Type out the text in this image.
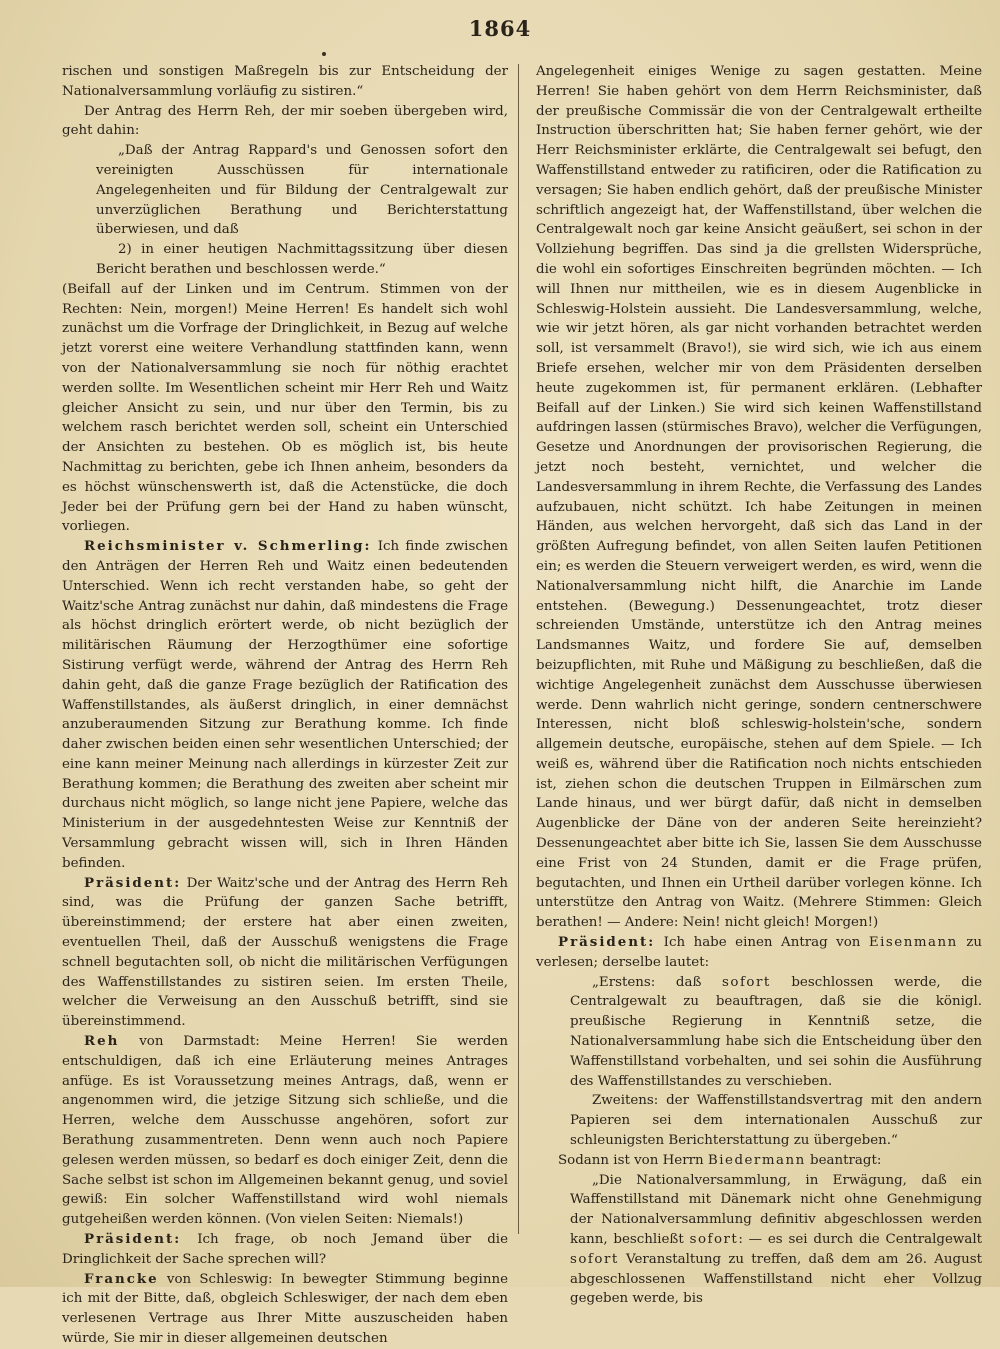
1864

rischen und sonstigen Maßregeln bis zur Entscheidung der Nationalversammlung vorläufig zu sistiren.“

Der Antrag des Herrn Reh, der mir soeben übergeben wird, geht dahin:

„Daß der Antrag Rappard's und Genossen sofort den vereinigten Ausschüssen für internationale Angelegenheiten und für Bildung der Centralgewalt zur unverzüglichen Berathung und Berichterstattung überwiesen, und daß

2) in einer heutigen Nachmittagssitzung über diesen Bericht berathen und beschlossen werde.“

(Beifall auf der Linken und im Centrum. Stimmen von der Rechten: Nein, morgen!) Meine Herren! Es handelt sich wohl zunächst um die Vorfrage der Dringlichkeit, in Bezug auf welche jetzt vorerst eine weitere Verhandlung stattfinden kann, wenn von der Nationalversammlung sie noch für nöthig erachtet werden sollte. Im Wesentlichen scheint mir Herr Reh und Waitz gleicher Ansicht zu sein, und nur über den Termin, bis zu welchem rasch berichtet werden soll, scheint ein Unterschied der Ansichten zu bestehen. Ob es möglich ist, bis heute Nachmittag zu berichten, gebe ich Ihnen anheim, besonders da es höchst wünschenswerth ist, daß die Actenstücke, die doch Jeder bei der Prüfung gern bei der Hand zu haben wünscht, vorliegen.

Reichsminister v. Schmerling: Ich finde zwischen den Anträgen der Herren Reh und Waitz einen bedeutenden Unterschied. Wenn ich recht verstanden habe, so geht der Waitz'sche Antrag zunächst nur dahin, daß mindestens die Frage als höchst dringlich erörtert werde, ob nicht bezüglich der militärischen Räumung der Herzogthümer eine sofortige Sistirung verfügt werde, während der Antrag des Herrn Reh dahin geht, daß die ganze Frage bezüglich der Ratification des Waffenstillstandes, als äußerst dringlich, in einer demnächst anzuberaumenden Sitzung zur Berathung komme. Ich finde daher zwischen beiden einen sehr wesentlichen Unterschied; der eine kann meiner Meinung nach allerdings in kürzester Zeit zur Berathung kommen; die Berathung des zweiten aber scheint mir durchaus nicht möglich, so lange nicht jene Papiere, welche das Ministerium in der ausgedehntesten Weise zur Kenntniß der Versammlung gebracht wissen will, sich in Ihren Händen befinden.

Präsident: Der Waitz'sche und der Antrag des Herrn Reh sind, was die Prüfung der ganzen Sache betrifft, übereinstimmend; der erstere hat aber einen zweiten, eventuellen Theil, daß der Ausschuß wenigstens die Frage schnell begutachten soll, ob nicht die militärischen Verfügungen des Waffenstillstandes zu sistiren seien. Im ersten Theile, welcher die Verweisung an den Ausschuß betrifft, sind sie übereinstimmend.

Reh von Darmstadt: Meine Herren! Sie werden entschuldigen, daß ich eine Erläuterung meines Antrages anfüge. Es ist Voraussetzung meines Antrags, daß, wenn er angenommen wird, die jetzige Sitzung sich schließe, und die Herren, welche dem Ausschusse angehören, sofort zur Berathung zusammentreten. Denn wenn auch noch Papiere gelesen werden müssen, so bedarf es doch einiger Zeit, denn die Sache selbst ist schon im Allgemeinen bekannt genug, und soviel gewiß: Ein solcher Waffenstillstand wird wohl niemals gutgeheißen werden können. (Von vielen Seiten: Niemals!)

Präsident: Ich frage, ob noch Jemand über die Dringlichkeit der Sache sprechen will?

Francke von Schleswig: In bewegter Stimmung beginne ich mit der Bitte, daß, obgleich Schleswiger, der nach dem eben verlesenen Vertrage aus Ihrer Mitte auszuscheiden haben würde, Sie mir in dieser allgemeinen deutschen

Angelegenheit einiges Wenige zu sagen gestatten. Meine Herren! Sie haben gehört von dem Herrn Reichsminister, daß der preußische Commissär die von der Centralgewalt ertheilte Instruction überschritten hat; Sie haben ferner gehört, wie der Herr Reichsminister erklärte, die Centralgewalt sei befugt, den Waffenstillstand entweder zu ratificiren, oder die Ratification zu versagen; Sie haben endlich gehört, daß der preußische Minister schriftlich angezeigt hat, der Waffenstillstand, über welchen die Centralgewalt noch gar keine Ansicht geäußert, sei schon in der Vollziehung begriffen. Das sind ja die grellsten Widersprüche, die wohl ein sofortiges Einschreiten begründen möchten. — Ich will Ihnen nur mittheilen, wie es in diesem Augenblicke in Schleswig-Holstein aussieht. Die Landesversammlung, welche, wie wir jetzt hören, als gar nicht vorhanden betrachtet werden soll, ist versammelt (Bravo!), sie wird sich, wie ich aus einem Briefe ersehen, welcher mir von dem Präsidenten derselben heute zugekommen ist, für permanent erklären. (Lebhafter Beifall auf der Linken.) Sie wird sich keinen Waffenstillstand aufdringen lassen (stürmisches Bravo), welcher die Verfügungen, Gesetze und Anordnungen der provisorischen Regierung, die jetzt noch besteht, vernichtet, und welcher die Landesversammlung in ihrem Rechte, die Verfassung des Landes aufzubauen, nicht schützt. Ich habe Zeitungen in meinen Händen, aus welchen hervorgeht, daß sich das Land in der größten Aufregung befindet, von allen Seiten laufen Petitionen ein; es werden die Steuern verweigert werden, es wird, wenn die Nationalversammlung nicht hilft, die Anarchie im Lande entstehen. (Bewegung.) Dessenungeachtet, trotz dieser schreienden Umstände, unterstütze ich den Antrag meines Landsmannes Waitz, und fordere Sie auf, demselben beizupflichten, mit Ruhe und Mäßigung zu beschließen, daß die wichtige Angelegenheit zunächst dem Ausschusse überwiesen werde. Denn wahrlich nicht geringe, sondern centnerschwere Interessen, nicht bloß schleswig-holstein'sche, sondern allgemein deutsche, europäische, stehen auf dem Spiele. — Ich weiß es, während über die Ratification noch nichts entschieden ist, ziehen schon die deutschen Truppen in Eilmärschen zum Lande hinaus, und wer bürgt dafür, daß nicht in demselben Augenblicke der Däne von der anderen Seite hereinzieht? Dessenungeachtet aber bitte ich Sie, lassen Sie dem Ausschusse eine Frist von 24 Stunden, damit er die Frage prüfen, begutachten, und Ihnen ein Urtheil darüber vorlegen könne. Ich unterstütze den Antrag von Waitz. (Mehrere Stimmen: Gleich berathen! — Andere: Nein! nicht gleich! Morgen!)

Präsident: Ich habe einen Antrag von Eisenmann zu verlesen; derselbe lautet:

„Erstens: daß sofort beschlossen werde, die Centralgewalt zu beauftragen, daß sie die königl. preußische Regierung in Kenntniß setze, die Nationalversammlung habe sich die Entscheidung über den Waffenstillstand vorbehalten, und sei sohin die Ausführung des Waffenstillstandes zu verschieben.

Zweitens: der Waffenstillstandsvertrag mit den andern Papieren sei dem internationalen Ausschuß zur schleunigsten Berichterstattung zu übergeben.“

Sodann ist von Herrn Biedermann beantragt:

„Die Nationalversammlung, in Erwägung, daß ein Waffenstillstand mit Dänemark nicht ohne Genehmigung der Nationalversammlung definitiv abgeschlossen werden kann, beschließt sofort: — es sei durch die Centralgewalt sofort Veranstaltung zu treffen, daß dem am 26. August abgeschlossenen Waffenstillstand nicht eher Vollzug gegeben werde, bis
